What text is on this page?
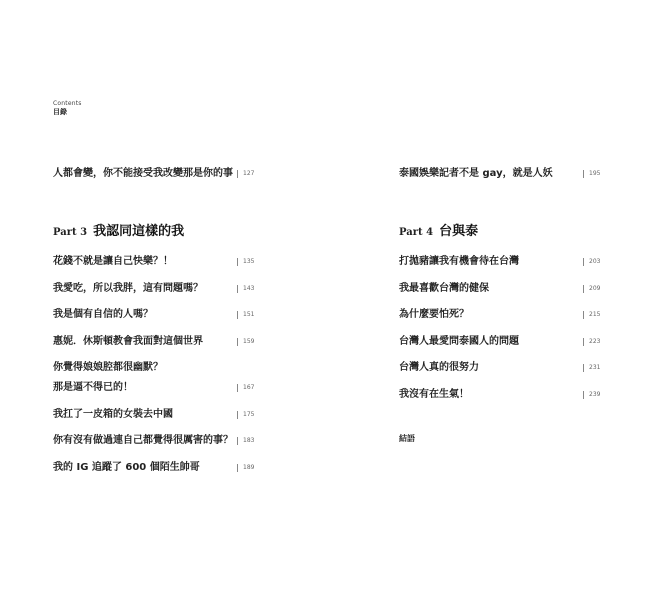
Contents
目錄
人都會變，你不能接受我改變那是你的事	127
Part 3 我認同這樣的我
花錢不就是讓自己快樂？！	135
我愛吃，所以我胖，這有問題嗎？	143
我是個有自信的人嗎？	151
惠妮．休斯頓教會我面對這個世界	159
你覺得娘娘腔都很幽默？
那是逼不得已的！	167
我扛了一皮箱的女裝去中國	175
你有沒有做過連自己都覺得很厲害的事？	183
我的 IG 追蹤了 600 個陌生帥哥	189
泰國娛樂記者不是 gay，就是人妖	195
Part 4 台與泰
打拋豬讓我有機會待在台灣	203
我最喜歡台灣的健保	209
為什麼要怕死？	215
台灣人最愛問泰國人的問題	223
台灣人真的很努力	231
我沒有在生氣！	239
結語
